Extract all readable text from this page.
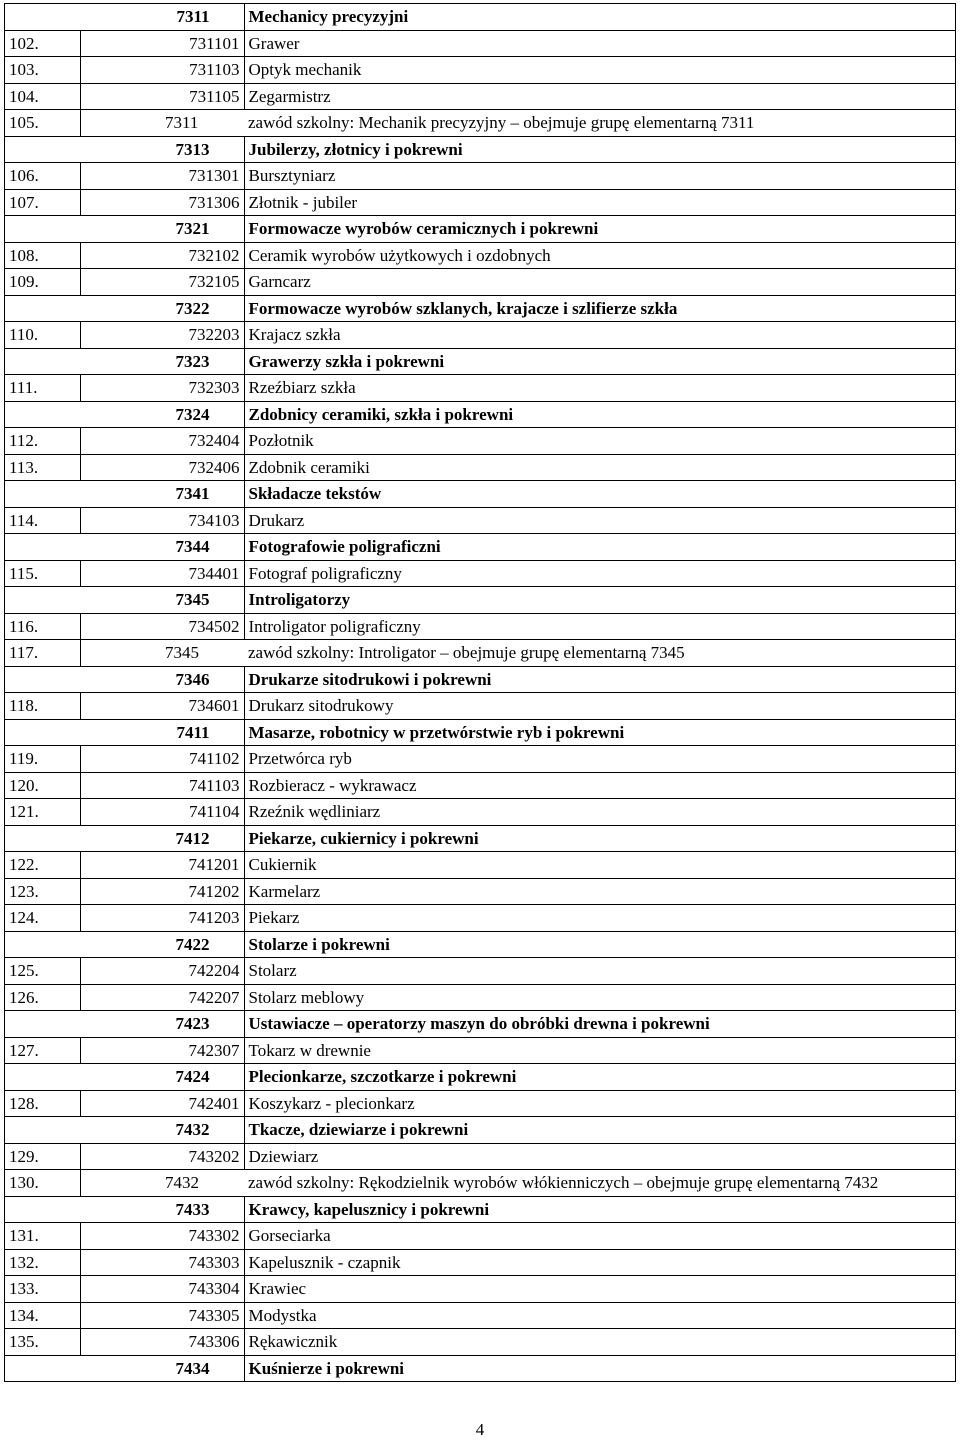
	7311	Mechanicy precyzyjni
102.	731101	Grawer
103.	731103	Optyk mechanik
104.	731105	Zegarmistrz
105.	7311	zawód szkolny: Mechanik precyzyjny – obejmuje grupę elementarną 7311
	7313	Jubilerzy, złotnicy i pokrewni
106.	731301	Bursztyniarz
107.	731306	Złotnik - jubiler
	7321	Formowacze wyrobów ceramicznych i pokrewni
108.	732102	Ceramik wyrobów użytkowych i ozdobnych
109.	732105	Garncarz
	7322	Formowacze wyrobów szklanych, krajacze i szlifierze szkła
110.	732203	Krajacz szkła
	7323	Grawerzy szkła i pokrewni
111.	732303	Rzeźbiarz szkła
	7324	Zdobnicy ceramiki, szkła i pokrewni
112.	732404	Pozłotnik
113.	732406	Zdobnik ceramiki
	7341	Składacze tekstów
114.	734103	Drukarz
	7344	Fotografowie poligraficzni
115.	734401	Fotograf poligraficzny
	7345	Introligatorzy
116.	734502	Introligator poligraficzny
117.	7345	zawód szkolny: Introligator – obejmuje grupę elementarną 7345
	7346	Drukarze sitodrukowi i pokrewni
118.	734601	Drukarz sitodrukowy
	7411	Masarze, robotnicy w przetwórstwie ryb i pokrewni
119.	741102	Przetwórca ryb
120.	741103	Rozbieracz - wykrawacz
121.	741104	Rzeźnik wędliniarz
	7412	Piekarze, cukiernicy i pokrewni
122.	741201	Cukiernik
123.	741202	Karmelarz
124.	741203	Piekarz
	7422	Stolarze i pokrewni
125.	742204	Stolarz
126.	742207	Stolarz meblowy
	7423	Ustawiacze – operatorzy maszyn do obróbki drewna i pokrewni
127.	742307	Tokarz w drewnie
	7424	Plecionkarze, szczotkarze i pokrewni
128.	742401	Koszykarz - plecionkarz
	7432	Tkacze, dziewiarze i pokrewni
129.	743202	Dziewiarz
130.	7432	zawód szkolny: Rękodzielnik wyrobów włókienniczych – obejmuje grupę elementarną 7432
	7433	Krawcy, kapelusznicy i pokrewni
131.	743302	Gorseciarka
132.	743303	Kapelusznik - czapnik
133.	743304	Krawiec
134.	743305	Modystka
135.	743306	Rękawicznik
	7434	Kuśnierze i pokrewni
4
